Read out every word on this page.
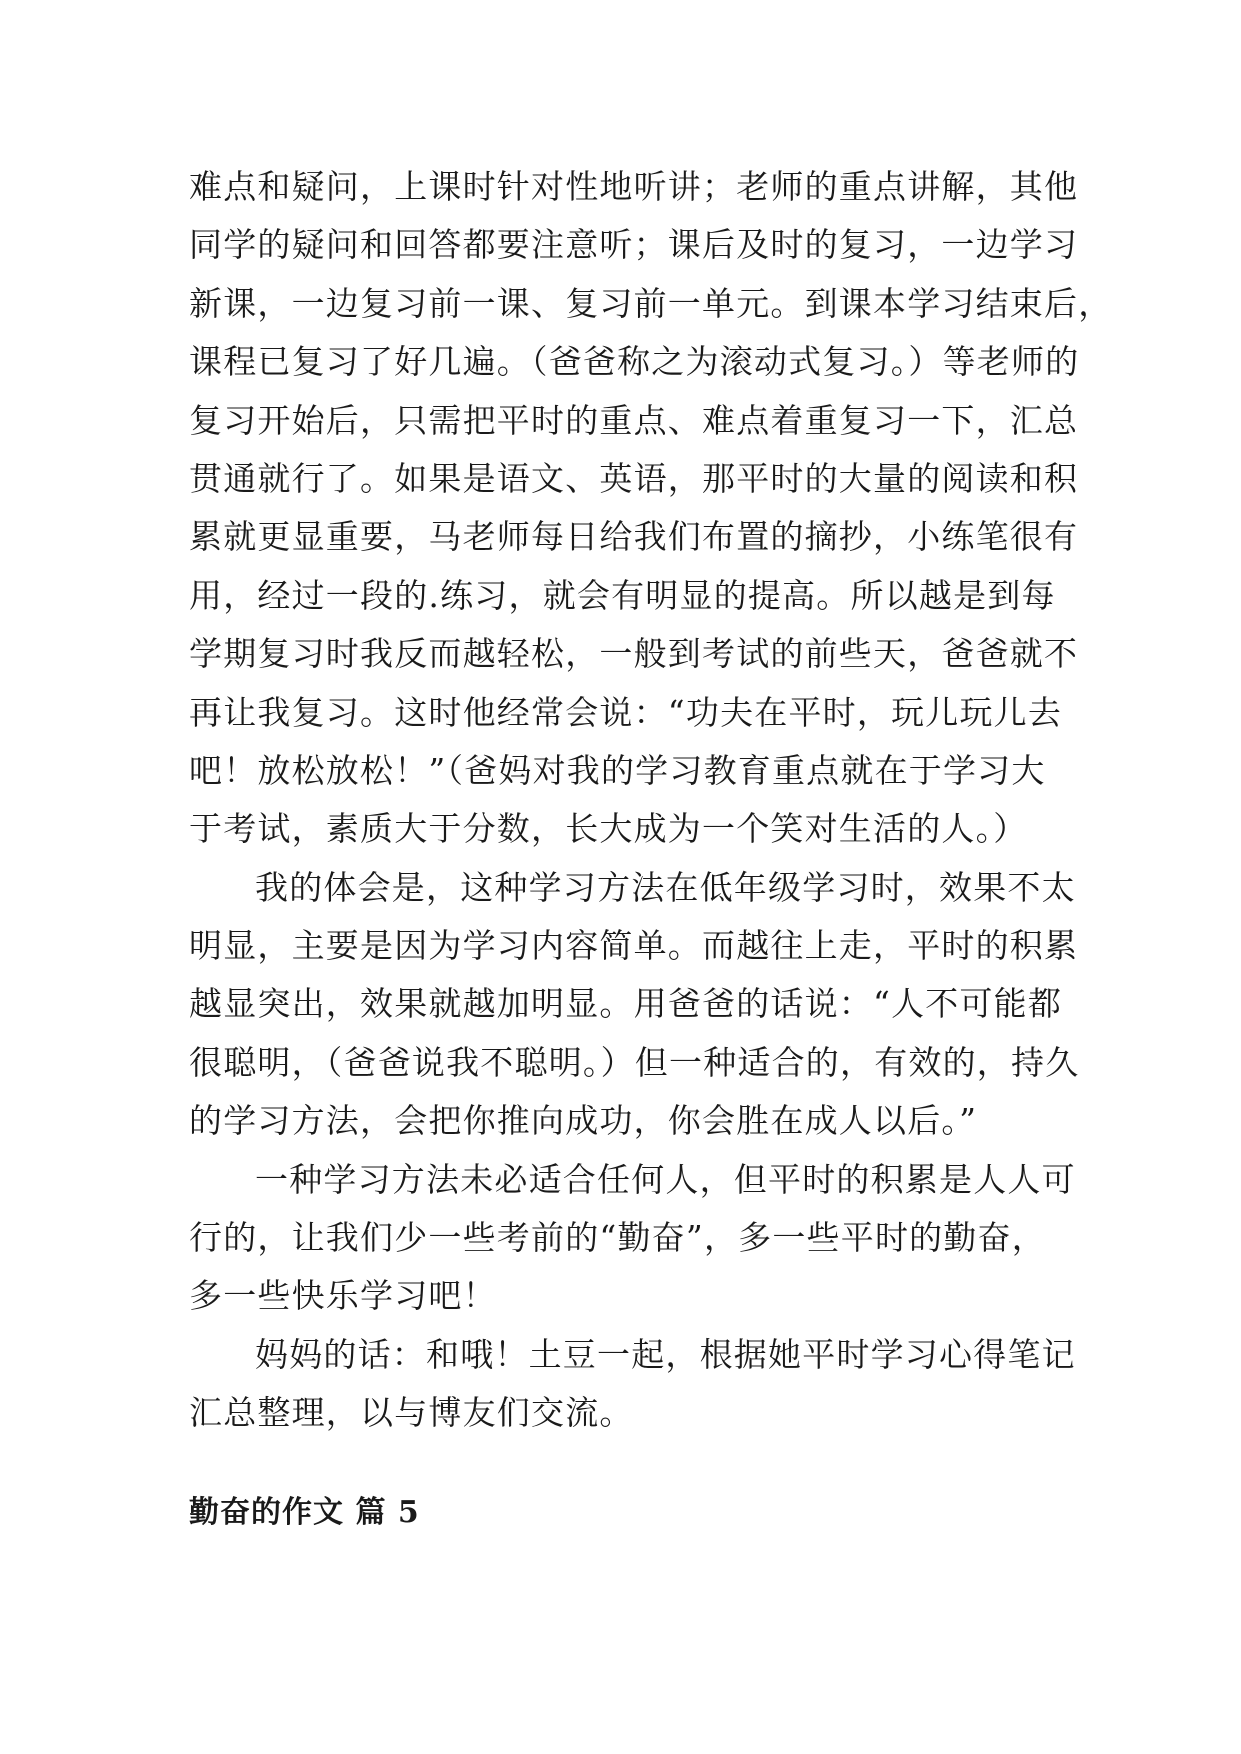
难点和疑问，上课时针对性地听讲；老师的重点讲解，其他
同学的疑问和回答都要注意听；课后及时的复习，一边学习
新课，一边复习前一课、复习前一单元。到课本学习结束后，
课程已复习了好几遍。（爸爸称之为滚动式复习。）等老师的
复习开始后，只需把平时的重点、难点着重复习一下，汇总
贯通就行了。如果是语文、英语，那平时的大量的阅读和积
累就更显重要，马老师每日给我们布置的摘抄，小练笔很有
用，经过一段的.练习，就会有明显的提高。所以越是到每
学期复习时我反而越轻松，一般到考试的前些天，爸爸就不
再让我复习。这时他经常会说：“功夫在平时，玩儿玩儿去
吧！放松放松！”（爸妈对我的学习教育重点就在于学习大
于考试，素质大于分数，长大成为一个笑对生活的人。）

我的体会是，这种学习方法在低年级学习时，效果不太
明显，主要是因为学习内容简单。而越往上走，平时的积累
越显突出，效果就越加明显。用爸爸的话说：“人不可能都
很聪明，（爸爸说我不聪明。）但一种适合的，有效的，持久
的学习方法，会把你推向成功，你会胜在成人以后。”

一种学习方法未必适合任何人，但平时的积累是人人可
行的，让我们少一些考前的“勤奋”，多一些平时的勤奋，
多一些快乐学习吧！

妈妈的话：和哦！土豆一起，根据她平时学习心得笔记
汇总整理，以与博友们交流。

勤奋的作文 篇 5
